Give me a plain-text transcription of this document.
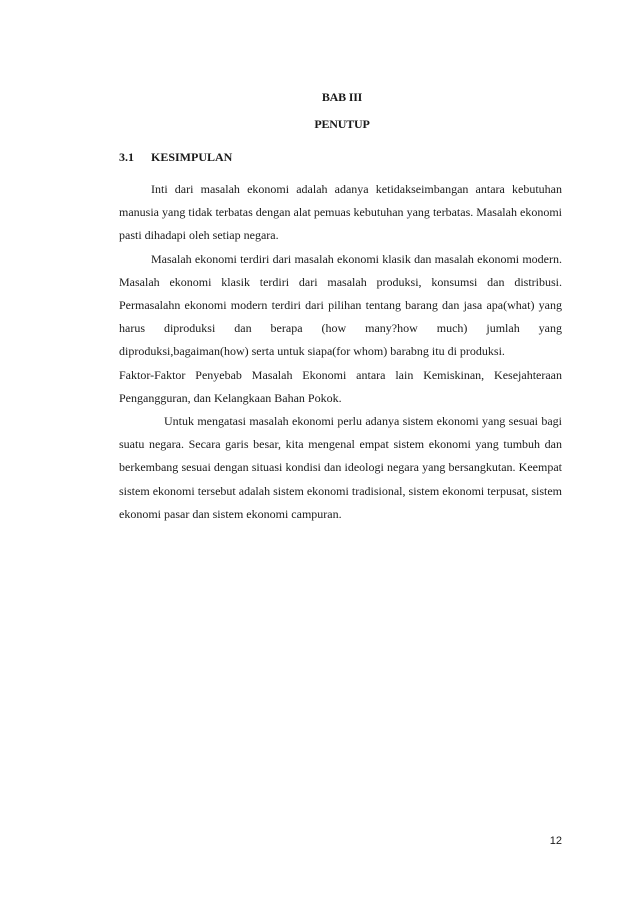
BAB III
PENUTUP
3.1 KESIMPULAN

Inti dari masalah ekonomi adalah adanya ketidakseimbangan antara kebutuhan manusia yang tidak terbatas dengan alat pemuas kebutuhan yang terbatas. Masalah ekonomi pasti dihadapi oleh setiap negara.

Masalah ekonomi terdiri dari masalah ekonomi klasik dan masalah ekonomi modern. Masalah ekonomi klasik terdiri dari masalah produksi, konsumsi dan distribusi. Permasalahn ekonomi modern terdiri dari pilihan tentang barang dan jasa apa(what) yang harus diproduksi dan berapa (how many?how much) jumlah yang diproduksi,bagaiman(how) serta untuk siapa(for whom) barabng itu di produksi.

Faktor-Faktor Penyebab Masalah Ekonomi antara lain Kemiskinan, Kesejahteraan Pengangguran, dan Kelangkaan Bahan Pokok.

Untuk mengatasi masalah ekonomi perlu adanya sistem ekonomi yang sesuai bagi suatu negara. Secara garis besar, kita mengenal empat sistem ekonomi yang tumbuh dan berkembang sesuai dengan situasi kondisi dan ideologi negara yang bersangkutan. Keempat sistem ekonomi tersebut adalah sistem ekonomi tradisional, sistem ekonomi terpusat, sistem ekonomi pasar dan sistem ekonomi campuran.

12
